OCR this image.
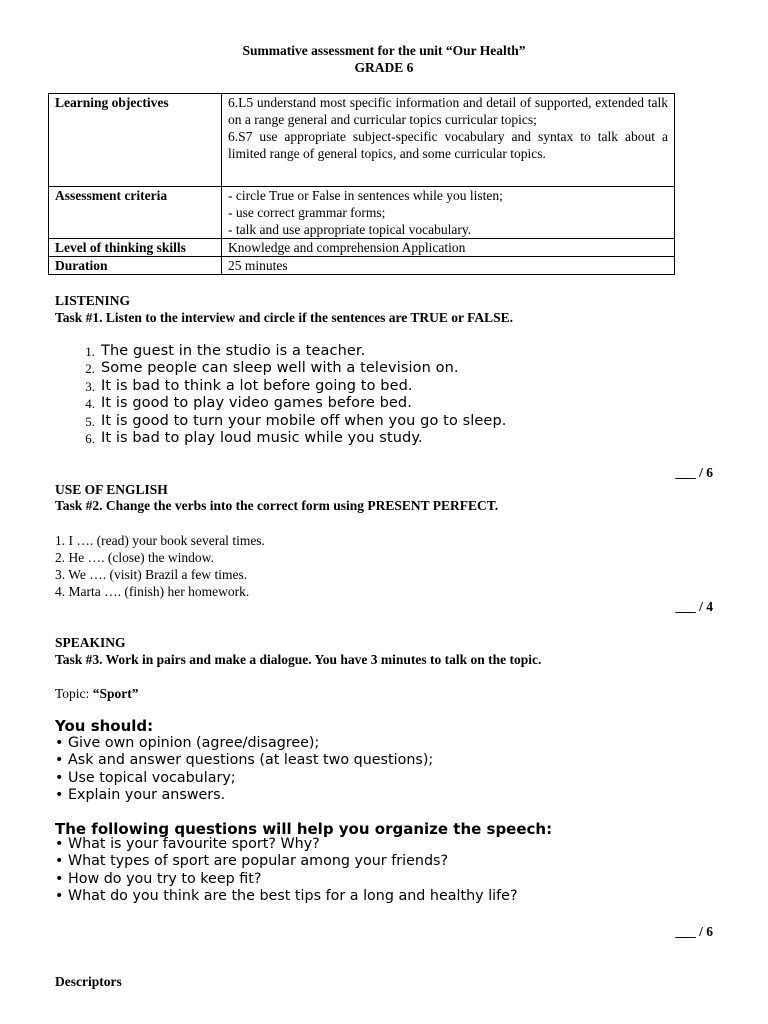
Summative assessment for the unit “Our Health”
GRADE 6
Learning objectives	6.L5 understand most specific information and detail of supported, extended talk on a range general and curricular topics curricular topics;
6.S7 use appropriate subject-specific vocabulary and syntax to talk about a limited range of general topics, and some curricular topics.

Assessment criteria	- circle True or False in sentences while you listen;
- use correct grammar forms;
- talk and use appropriate topical vocabulary.

Level of thinking skills	Knowledge and comprehension Application
Duration	25 minutes
LISTENING
Task #1. Listen to the interview and circle if the sentences are TRUE or FALSE.
1. The guest in the studio is a teacher.
2. Some people can sleep well with a television on.
3. It is bad to think a lot before going to bed.
4. It is good to play video games before bed.
5. It is good to turn your mobile off when you go to sleep.
6. It is bad to play loud music while you study.
___ / 6
USE OF ENGLISH
Task #2. Change the verbs into the correct form using PRESENT PERFECT.
1. I …. (read) your book several times.
2. He …. (close) the window.
3. We …. (visit) Brazil a few times.
4. Marta …. (finish) her homework.
___ / 4
SPEAKING
Task #3. Work in pairs and make a dialogue. You have 3 minutes to talk on the topic.
Topic: “Sport”
You should:
• Give own opinion (agree/disagree);
• Ask and answer questions (at least two questions);
• Use topical vocabulary;
• Explain your answers.
The following questions will help you organize the speech:
• What is your favourite sport? Why?
• What types of sport are popular among your friends?
• How do you try to keep fit?
• What do you think are the best tips for a long and healthy life?
___ / 6
Descriptors
